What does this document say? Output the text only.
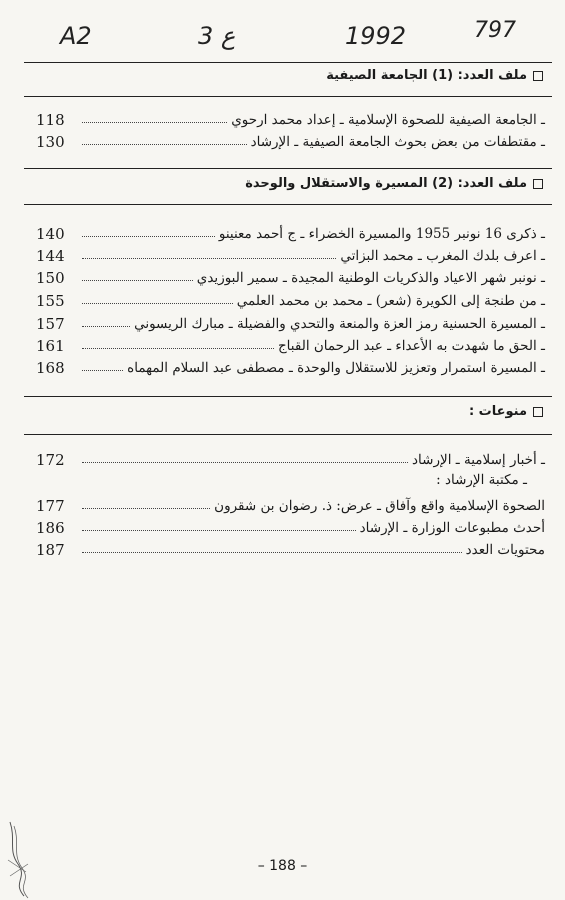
A2	3 ع	1992	797
ملف العدد: (1) الجامعة الصيفية
118	ـ الجامعة الصيفية للصحوة الإسلامية ـ إعداد محمد ارحوي
130	ـ مقتطفات من بعض بحوث الجامعة الصيفية ـ الإرشاد
ملف العدد: (2) المسيرة والاستقلال والوحدة
140	ـ ذكرى 16 نونبر 1955 والمسيرة الخضراء ـ ج أحمد معنينو
144	ـ اعرف بلدك المغرب ـ محمد البزاتي
150	ـ نونبر شهر الاعياد والذكريات الوطنية المجيدة ـ سمير البوزيدي
155	ـ من طنجة إلى الكويرة (شعر) ـ محمد بن محمد العلمي
157	ـ المسيرة الحسنية رمز العزة والمنعة والتحدي والفضيلة ـ مبارك الريسوني
161	ـ الحق ما شهدت به الأعداء ـ عبد الرحمان القباج
168	ـ المسيرة استمرار وتعزيز للاستقلال والوحدة ـ مصطفى عبد السلام المهماه
منوعات :
172	ـ أخبار إسلامية ـ الإرشاد
ـ مكتبة الإرشاد :
177	الصحوة الإسلامية واقع وآفاق ـ عرض: ذ. رضوان بن شقرون
186	أحدث مطبوعات الوزارة ـ الإرشاد
187	محتويات العدد
– 188 –
